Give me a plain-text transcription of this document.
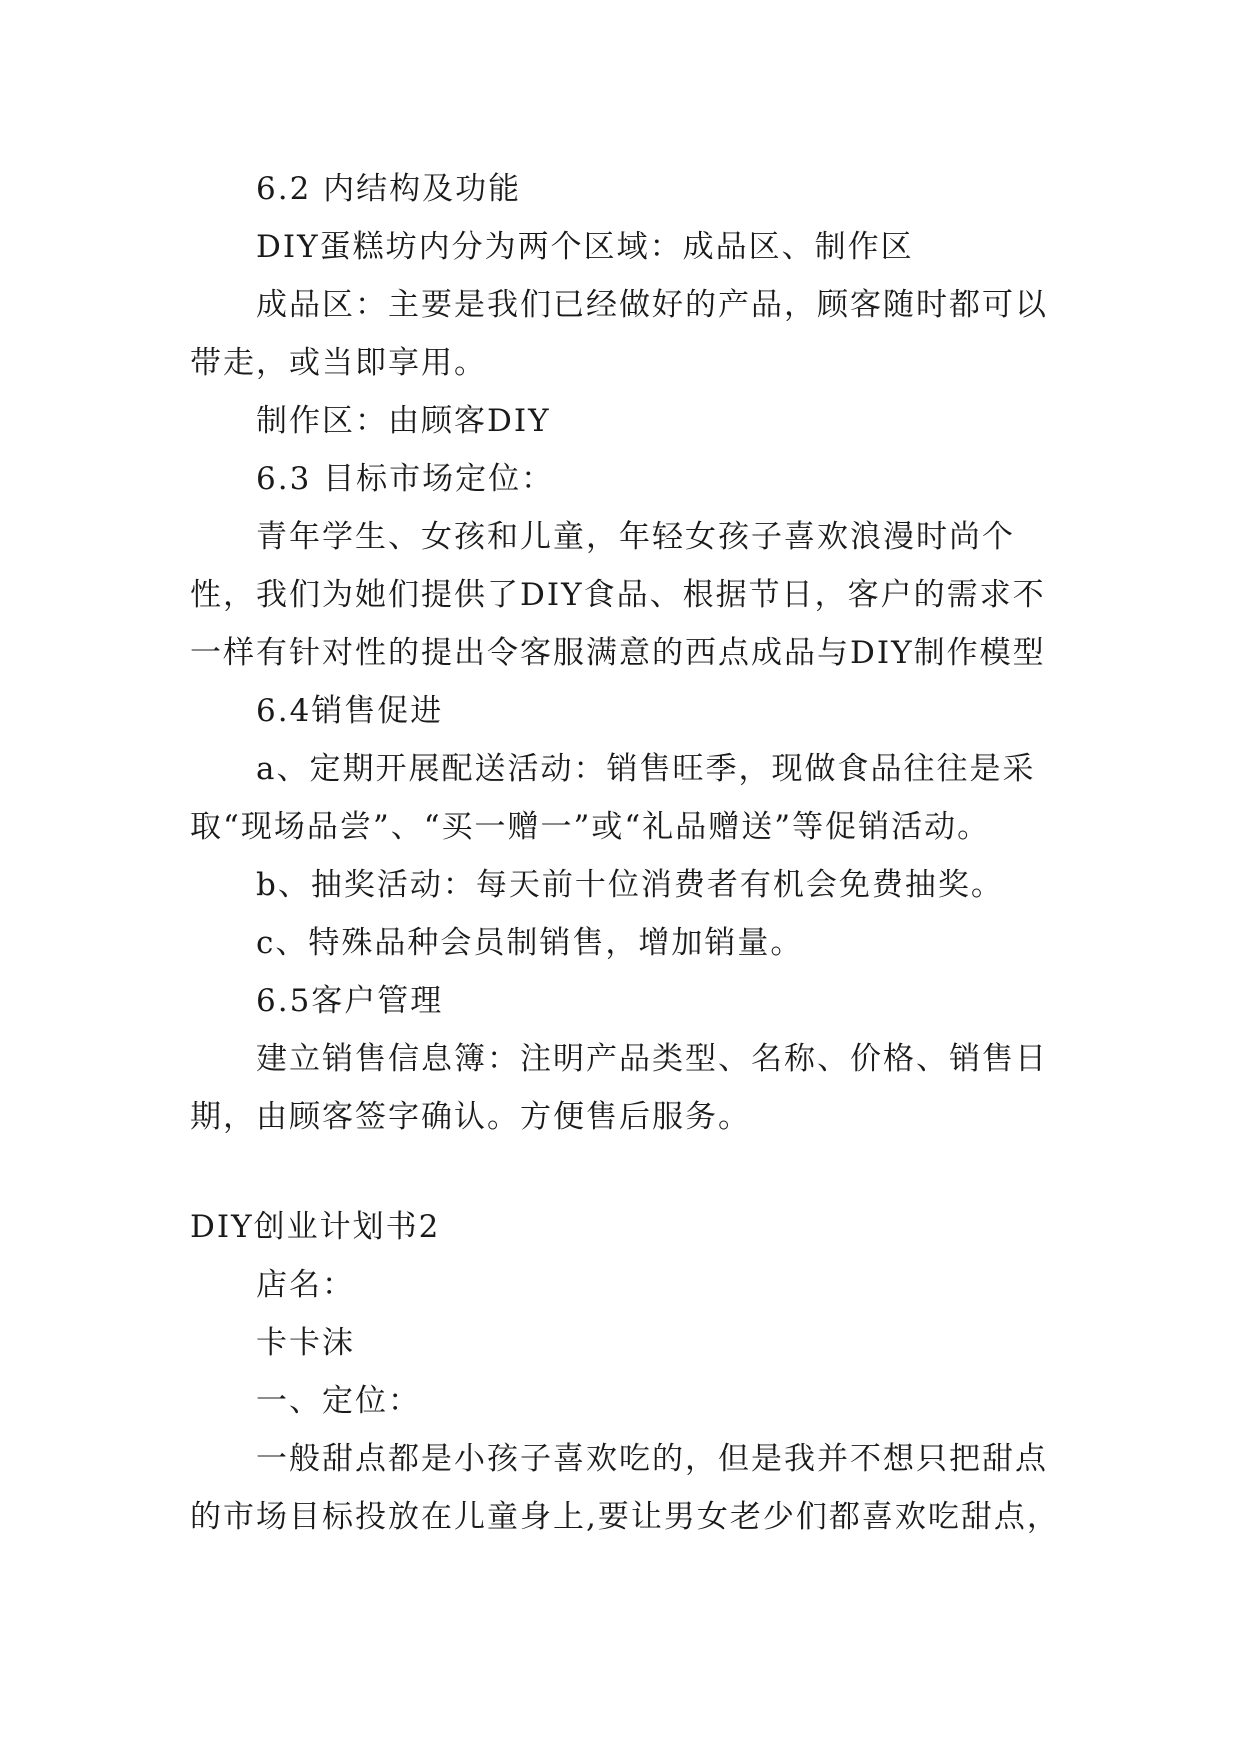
6.2 内结构及功能

DIY蛋糕坊内分为两个区域：成品区、制作区

成品区：主要是我们已经做好的产品，顾客随时都可以带走，或当即享用。

制作区：由顾客DIY

6.3 目标市场定位：

青年学生、女孩和儿童，年轻女孩子喜欢浪漫时尚个性，我们为她们提供了DIY食品、根据节日，客户的需求不一样有针对性的提出令客服满意的西点成品与DIY制作模型

6.4销售促进

a、定期开展配送活动：销售旺季，现做食品往往是采取“现场品尝”、“买一赠一”或“礼品赠送”等促销活动。

b、抽奖活动：每天前十位消费者有机会免费抽奖。

c、特殊品种会员制销售，增加销量。

6.5客户管理

建立销售信息簿：注明产品类型、名称、价格、销售日期，由顾客签字确认。方便售后服务。

DIY创业计划书2

店名：

卡卡沫

一、定位：

一般甜点都是小孩子喜欢吃的，但是我并不想只把甜点的市场目标投放在儿童身上,要让男女老少们都喜欢吃甜点，
